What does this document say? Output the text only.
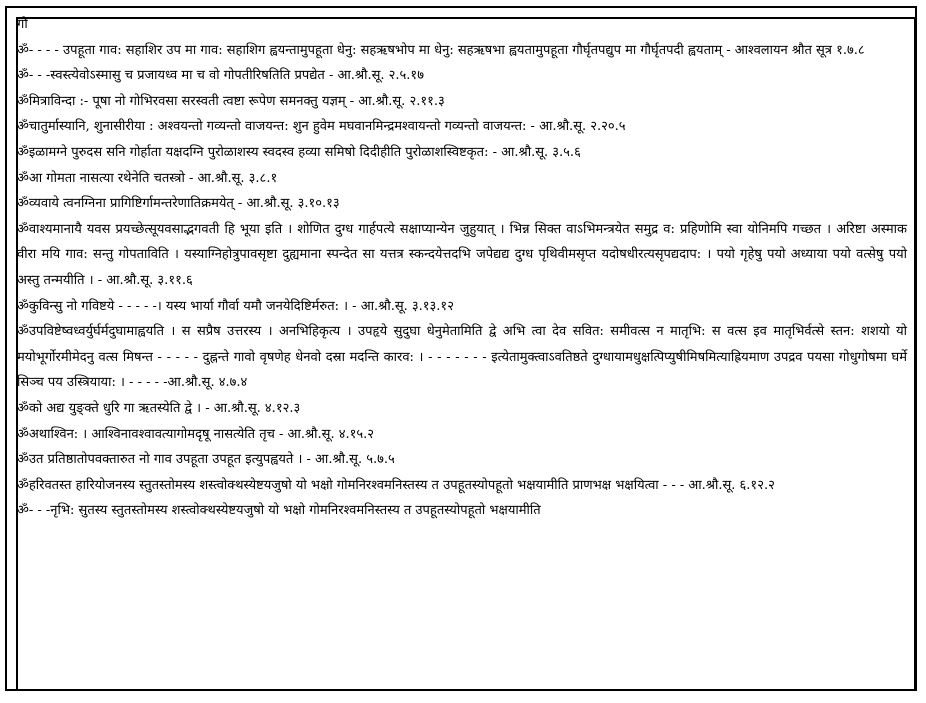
गौ

ॐ- - - - उपहूता गाव: सहाशिर उप मा गाव: सहाशिग ह्वयन्तामुपहूता धेनु: सहऋषभोप मा धेनु: सहऋषभा ह्वयतामुपहूता गौर्घृतपद्युप मा गौर्घृतपदी ह्वयताम् - आश्वलायन श्रौत सूत्र १.७.८

ॐ- - -स्वस्त्येवोऽस्मासु च प्रजायध्व मा च वो गोपतीरिषतिति प्रपद्येत - आ.श्रौ.सू. २.५.१७

ॐमित्राविन्दा :- पूषा नो गोभिरवसा सरस्वती त्वष्टा रूपेण समनक्तु यज्ञम् - आ.श्रौ.सू. २.११.३

ॐचातुर्मास्यानि, शुनासीरीया : अश्वयन्तो गव्यन्तो वाजयन्त: शुन हुवेम मघवानमिन्द्रमश्वायन्तो गव्यन्तो वाजयन्त: - आ.श्रौ.सू. २.२०.५

ॐइळामग्ने पुरुदस सनि गोर्हाता यक्षदग्नि पुरोळाशस्य स्वदस्व हव्या समिषो दिदीहीति पुरोळाशस्विष्टकृत: - आ.श्रौ.सू. ३.५.६

ॐआ गोमता नासत्या रथेनेति चतस्त्रो - आ.श्रौ.सू. ३.८.१

ॐव्यवाये त्वनग्निना प्रागिष्टिर्गामन्तरेणातिक्रमयेत् - आ.श्रौ.सू. ३.१०.१३

ॐवाश्यमानायै यवस प्रयच्छेत्सूयवसाद्भगवती हि भूया इति । शोणित दुग्ध गार्हपत्ये सक्षाप्यान्येन जुहुयात् । भिन्न सिक्त वाऽभिमन्त्रयेत समुद्र व: प्रहिणोमि स्वा योनिमपि गच्छत । अरिष्टा अस्माक वीरा मयि गाव: सन्तु गोपताविति । यस्याग्निहोत्रुपावसृष्टा दुह्यमाना स्पन्देत सा यत्तत्र स्कन्दयेत्तदभि जपेद्यद्य दुग्ध पृथिवीमसृप्त यदोषधीरत्यसृपद्यदाप: । पयो गृहेषु पयो अध्याया पयो वत्सेषु पयो अस्तु तन्मयीति । - आ.श्रौ.सू. ३.११.६

ॐकुविन्सु नो गविष्टये - - - - -। यस्य भार्या गौर्वा यमौ जनयेदिष्टिर्मरुत: । - आ.श्रौ.सू. ३.१३.१२

ॐउपविष्टेष्वध्वर्युर्घर्मदुघामाह्वयति । स सप्रैष उत्तरस्य । अनभिहिकृत्य । उपहृये सुदुघा धेनुमेतामिति द्वे अभि त्वा देव सवित: समीवत्स न मातृभि: स वत्स इव मातृभिर्वत्से स्तन: शशयो यो मयोभूर्गोरमीमेदनु वत्स मिषन्त - - - - - दुह्नन्ते गावो वृषणेह धेनवो दस्रा मदन्ति कारव: । - - - - - - - इत्येतामुक्त्वाऽवतिष्ठते दुग्धायामधुक्षत्पिप्युषीमिषमित्याह्रियमाण उपद्रव पयसा गोधुगोषमा घर्मे सिञ्च पय उस्त्रियाया: । - - - - -आ.श्रौ.सू. ४.७.४

ॐको अद्य युङ्क्ते धुरि गा ऋतस्येति द्वे । - आ.श्रौ.सू. ४.१२.३

ॐअथाश्विन: । आश्विनावश्वावत्यागोमदृषू नासत्येति तृच - आ.श्रौ.सू. ४.१५.२

ॐउत प्रतिष्ठातोपवक्तारुत नो गाव उपहूता उपहूत इत्युपह्वयते । - आ.श्रौ.सू. ५.७.५

ॐहरिवतस्त हारियोजनस्य स्तुतस्तोमस्य शस्त्वोक्थस्येष्टयजुषो यो भक्षो गोमनिरश्वमनिस्तस्य त उपहूतस्योपहूतो भक्षयामीति प्राणभक्ष भक्षयित्वा - - - आ.श्रौ.सू. ६.१२.२

ॐ- - -नृभि: सुतस्य स्तुतस्तोमस्य शस्त्वोक्थस्येष्टयजुषो यो भक्षो गोमनिरश्वमनिस्तस्य त उपहूतस्योपहूतो भक्षयामीति
